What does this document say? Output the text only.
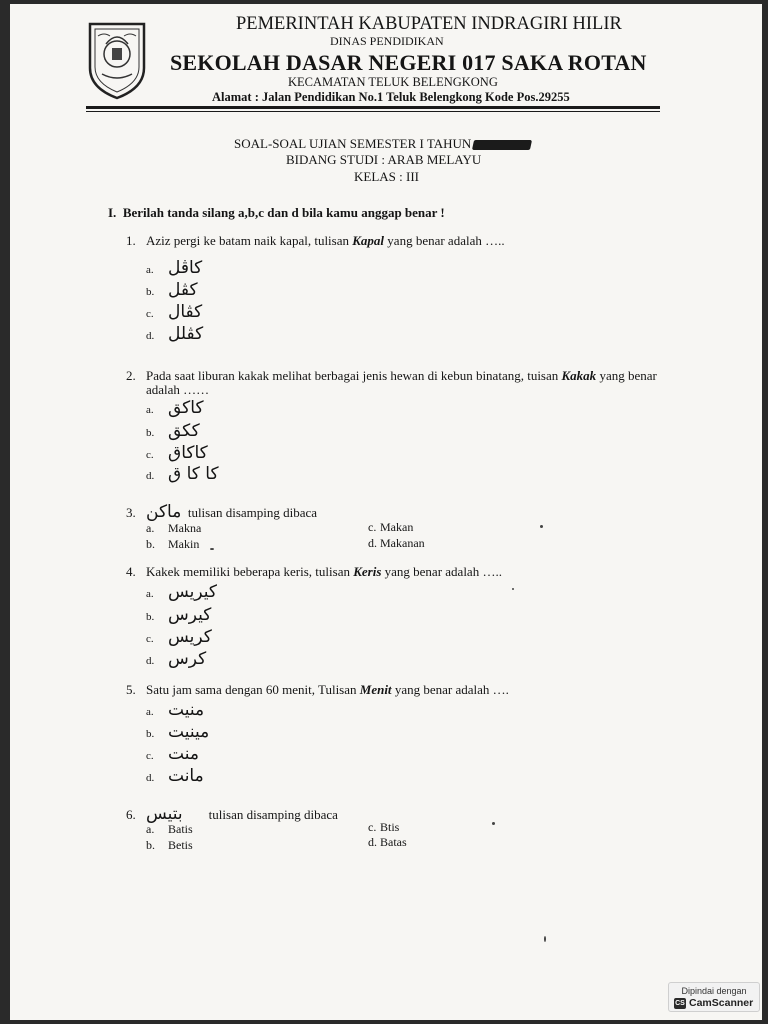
PEMERINTAH KABUPATEN INDRAGIRI HILIR
DINAS PENDIDIKAN
SEKOLAH DASAR NEGERI 017 SAKA ROTAN
KECAMATAN TELUK BELENGKONG
Alamat : Jalan Pendidikan No.1 Teluk Belengkong Kode Pos.29255
SOAL-SOAL UJIAN SEMESTER I TAHUN
BIDANG STUDI : ARAB MELAYU
KELAS : III
I. Berilah tanda silang a,b,c dan d bila kamu anggap benar !
1. Aziz pergi ke batam naik kapal, tulisan Kapal yang benar adalah …..
a. كاڤل
b. كڤل
c. كڤال
d. كڤلل
2. Pada saat liburan kakak melihat berbagai jenis hewan di kebun binatang, tuisan Kakak yang benar
adalah ……
a. كاكق
b. ككق
c. كاكاق
d. كا كا ق
3. ماكن tulisan disamping dibaca
a. Makna
b. Makin
c. Makan
d. Makanan
4. Kakek memiliki beberapa keris, tulisan Keris yang benar adalah …..
a. كيريس
b. كيرس
c. كريس
d. كرس
5. Satu jam sama dengan 60 menit, Tulisan Menit yang benar adalah ….
a. منيت
b. مينيت
c. منت
d. مانت
6. بتيس tulisan disamping dibaca
a. Batis
b. Betis
c. Btis
d. Batas
Dipindai dengan
CS CamScanner
